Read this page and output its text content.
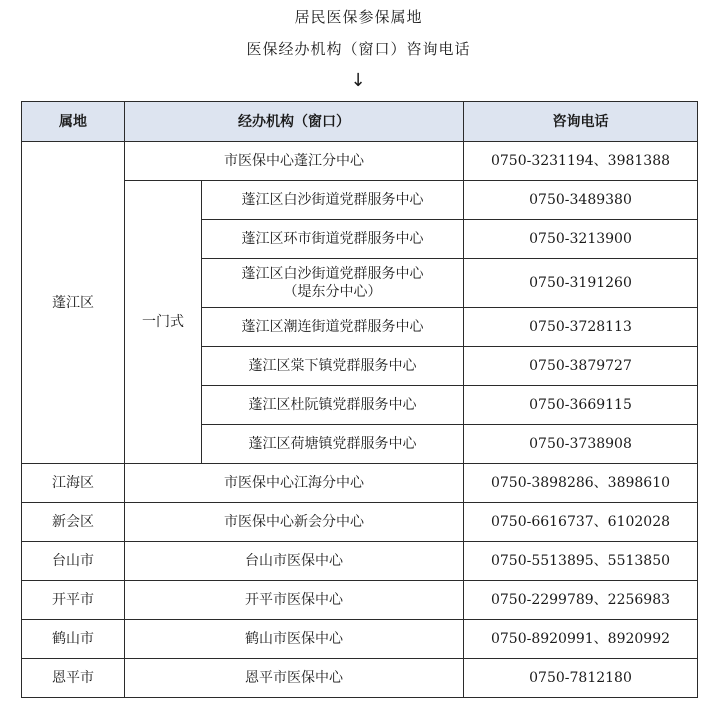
居民医保参保属地
医保经办机构（窗口）咨询电话
↓
属地	经办机构（窗口）		咨询电话
蓬江区	市医保中心蓬江分中心		0750-3231194、3981388
	一门式	蓬江区白沙街道党群服务中心	0750-3489380
		蓬江区环市街道党群服务中心	0750-3213900

		蓬江区白沙街道党群服务中心
（堤东分中心）	0750-3191260
		蓬江区潮连街道党群服务中心	0750-3728113
		蓬江区棠下镇党群服务中心	0750-3879727
		蓬江区杜阮镇党群服务中心	0750-3669115
		蓬江区荷塘镇党群服务中心	0750-3738908
江海区	市医保中心江海分中心		0750-3898286、3898610
新会区	市医保中心新会分中心		0750-6616737、6102028
台山市	台山市医保中心		0750-5513895、5513850
开平市	开平市医保中心		0750-2299789、2256983
鹤山市	鹤山市医保中心		0750-8920991、8920992
恩平市	恩平市医保中心		0750-7812180
